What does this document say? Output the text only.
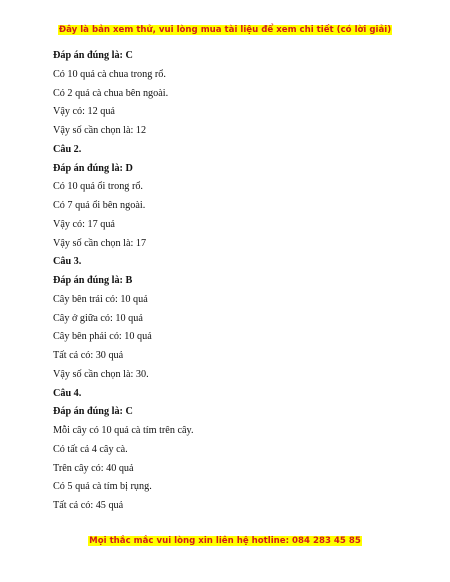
Đây là bản xem thử, vui lòng mua tài liệu để xem chi tiết (có lời giải)
Đáp án đúng là: C
Có 10 quả cà chua trong rổ.
Có 2 quả cà chua bên ngoài.
Vậy có: 12 quả
Vậy số cần chọn là: 12
Câu 2.
Đáp án đúng là: D
Có 10 quả ổi trong rổ.
Có 7 quả ổi bên ngoài.
Vậy có: 17 quả
Vậy số cần chọn là: 17
Câu 3.
Đáp án đúng là: B
Cây bên trái có: 10 quả
Cây ở giữa có: 10 quả
Cây bên phải có: 10 quả
Tất cả có: 30 quả
Vậy số cần chọn là: 30.
Câu 4.
Đáp án đúng là: C
Mỗi cây có 10 quả cà tím trên cây.
Có tất cả 4 cây cà.
Trên cây có: 40 quả
Có 5 quả cà tím bị rụng.
Tất cả có: 45 quả
Mọi thắc mắc vui lòng xin liên hệ hotline: 084 283 45 85
